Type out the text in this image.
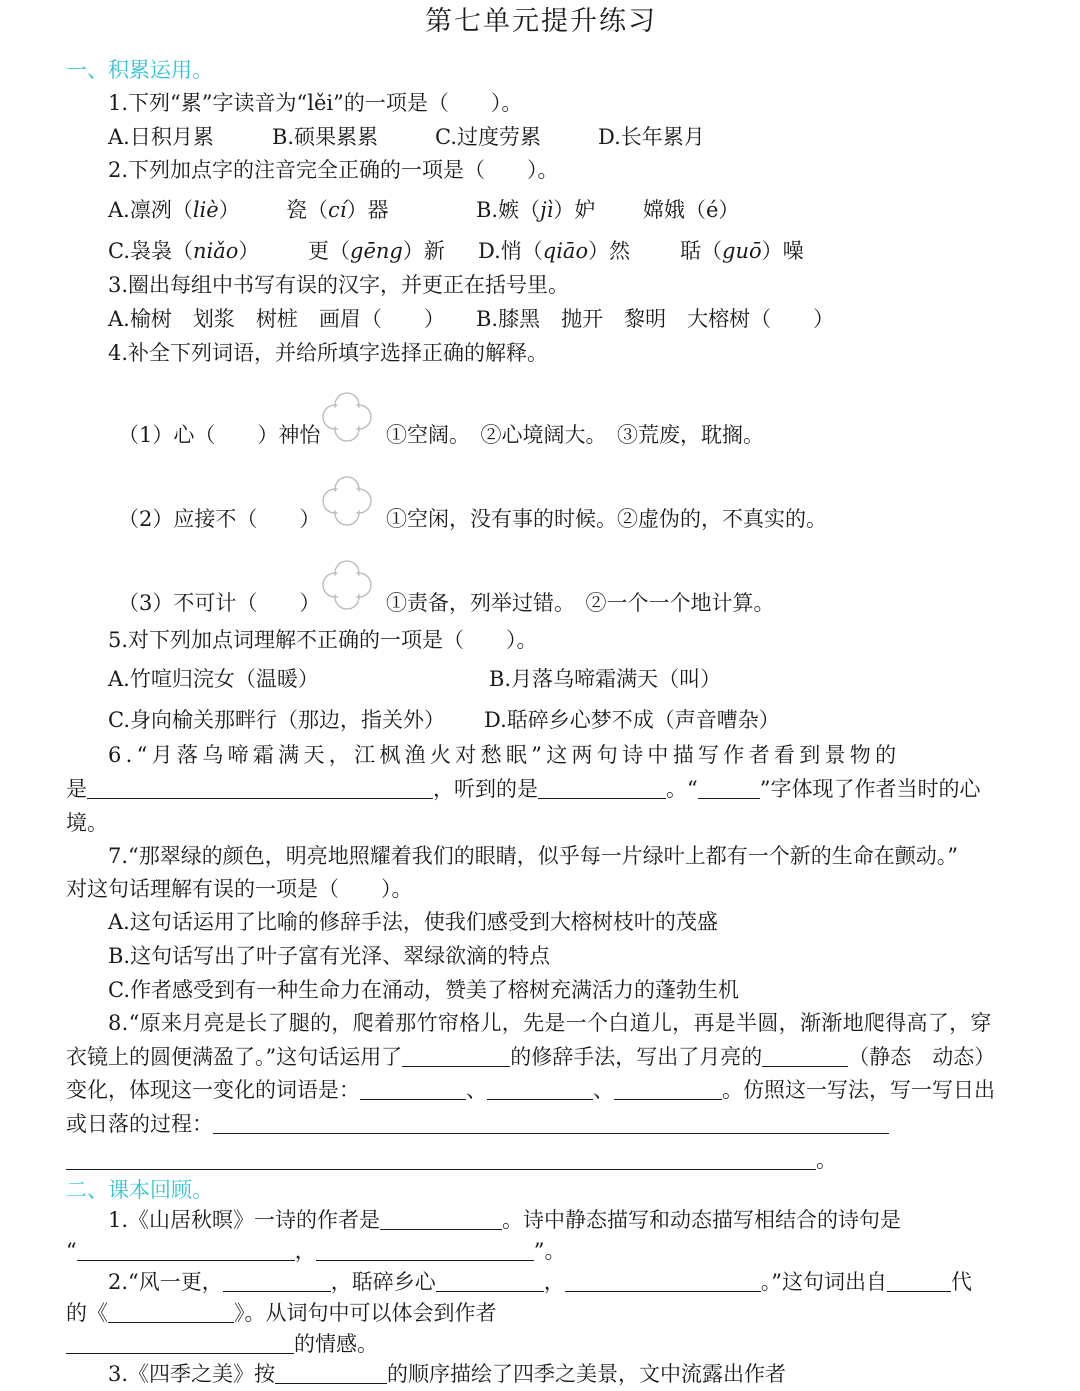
第七单元提升练习
一、积累运用。
1.下列“累”字读音为“lěi”的一项是（　　）。
A.日积月累	B.硕果累累	C.过度劳累	D.长年累月
2.下列加点字的注音完全正确的一项是（　　）。
A.凛冽（liè） 瓷（cí）器	B.嫉（jì）妒 嫦娥（é）
C.袅袅（niǎo） 更（gēng）新 D.悄（qiāo）然 聒（guō）噪
3.圈出每组中书写有误的汉字，并更正在括号里。
A.榆树　划浆　树桩　画眉（　　） B.膝黑　抛开　黎明　大榕树（　　）
4.补全下列词语，并给所填字选择正确的解释。
（1）心（　　）神怡	①空阔。　②心境阔大。　③荒废，耽搁。
（2）应接不（　　）	①空闲，没有事的时候。②虚伪的，不真实的。
（3）不可计（　　）	①责备，列举过错。　②一个一个地计算。
5.对下列加点词理解不正确的一项是（　　）。
A.竹喧归浣女（温暖）	B.月落乌啼霜满天（叫）
C.身向榆关那畔行（那边，指关外） D.聒碎乡心梦不成（声音嘈杂）
6.“月落乌啼霜满天，江枫渔火对愁眠”这两句诗中描写作者看到景物的
是	，听到的是	。“	”字体现了作者当时的心
境。
7.“那翠绿的颜色，明亮地照耀着我们的眼睛，似乎每一片绿叶上都有一个新的生命在颤动。”
对这句话理解有误的一项是（　　）。
A.这句话运用了比喻的修辞手法，使我们感受到大榕树枝叶的茂盛
B.这句话写出了叶子富有光泽、翠绿欲滴的特点
C.作者感受到有一种生命力在涌动，赞美了榕树充满活力的蓬勃生机
8.“原来月亮是长了腿的，爬着那竹帘格儿，先是一个白道儿，再是半圆，渐渐地爬得高了，穿
衣镜上的圆便满盈了。”这句话运用了	的修辞手法，写出了月亮的	（静态　动态）
变化，体现这一变化的词语是：	、	、	。仿照这一写法，写一写日出
或日落的过程：
。
二、课本回顾。
1.《山居秋暝》一诗的作者是	。诗中静态描写和动态描写相结合的诗句是
“	，	”。
2.“风一更，	，聒碎乡心	，	。”这句词出自	代
的《	》。从词句中可以体会到作者
的情感。
3.《四季之美》按	的顺序描绘了四季之美景，文中流露出作者
